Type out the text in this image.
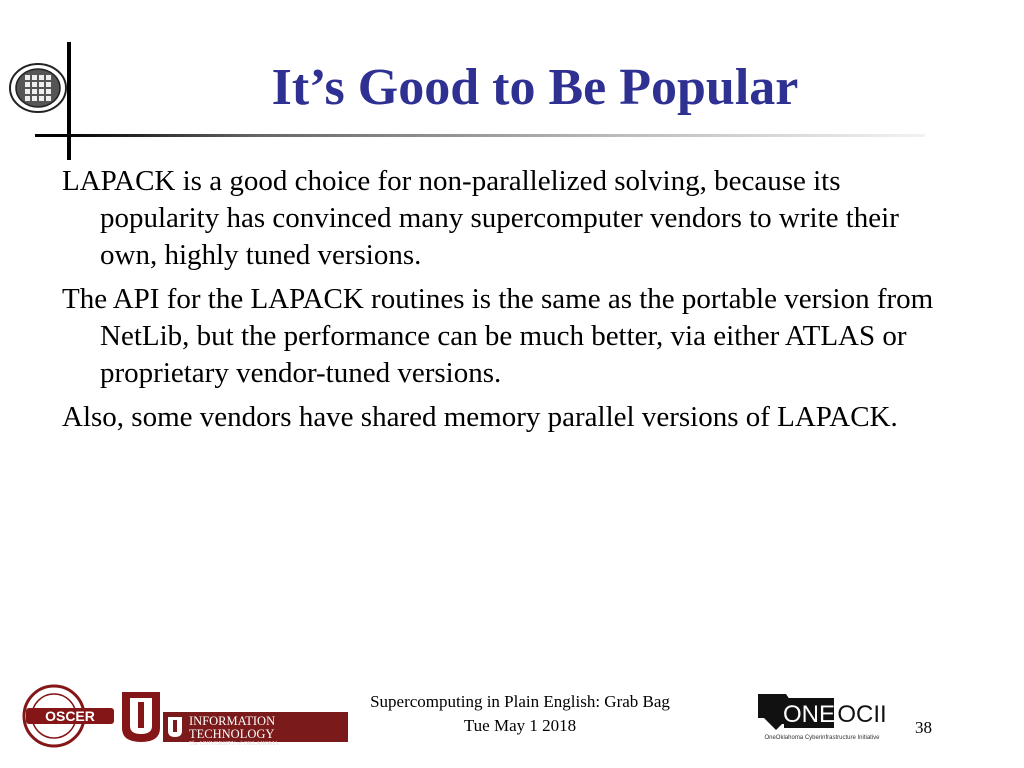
It’s Good to Be Popular

LAPACK is a good choice for non-parallelized solving, because its popularity has convinced many supercomputer vendors to write their own, highly tuned versions.

The API for the LAPACK routines is the same as the portable version from NetLib, but the performance can be much better, via either ATLAS or proprietary vendor-tuned versions.

Also, some vendors have shared memory parallel versions of LAPACK.

OSCER	INFORMATION TECHNOLOGY
The UNIVERSITY of OKLAHOMA
Supercomputing in Plain English: Grab Bag
Tue May 1 2018	ONE OCII
OneOklahoma Cyberinfrastructure Initiative
38
